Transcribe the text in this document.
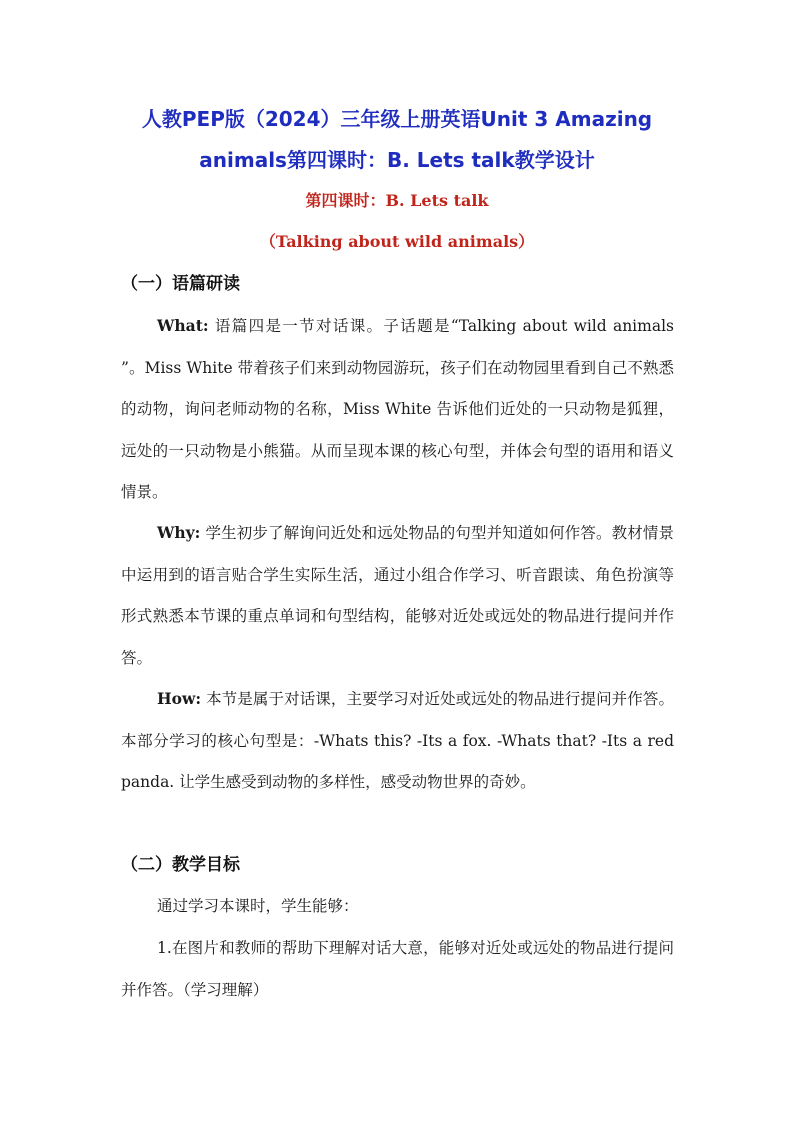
人教PEP版（2024）三年级上册英语Unit 3 Amazing
animals第四课时：B. Lets talk教学设计
第四课时：B. Lets talk
（Talking about wild animals）
（一）语篇研读
What: 语篇四是一节对话课。子话题是“Talking about wild animals ”。Miss White 带着孩子们来到动物园游玩，孩子们在动物园里看到自己不熟悉的动物，询问老师动物的名称，Miss White 告诉他们近处的一只动物是狐狸，远处的一只动物是小熊猫。从而呈现本课的核心句型，并体会句型的语用和语义情景。
Why: 学生初步了解询问近处和远处物品的句型并知道如何作答。教材情景中运用到的语言贴合学生实际生活，通过小组合作学习、听音跟读、角色扮演等形式熟悉本节课的重点单词和句型结构，能够对近处或远处的物品进行提问并作答。
How: 本节是属于对话课，主要学习对近处或远处的物品进行提问并作答。本部分学习的核心句型是：-Whats this? -Its a fox. -Whats that? -Its a red panda. 让学生感受到动物的多样性，感受动物世界的奇妙。
（二）教学目标
通过学习本课时，学生能够：
1.在图片和教师的帮助下理解对话大意，能够对近处或远处的物品进行提问并作答。（学习理解）
